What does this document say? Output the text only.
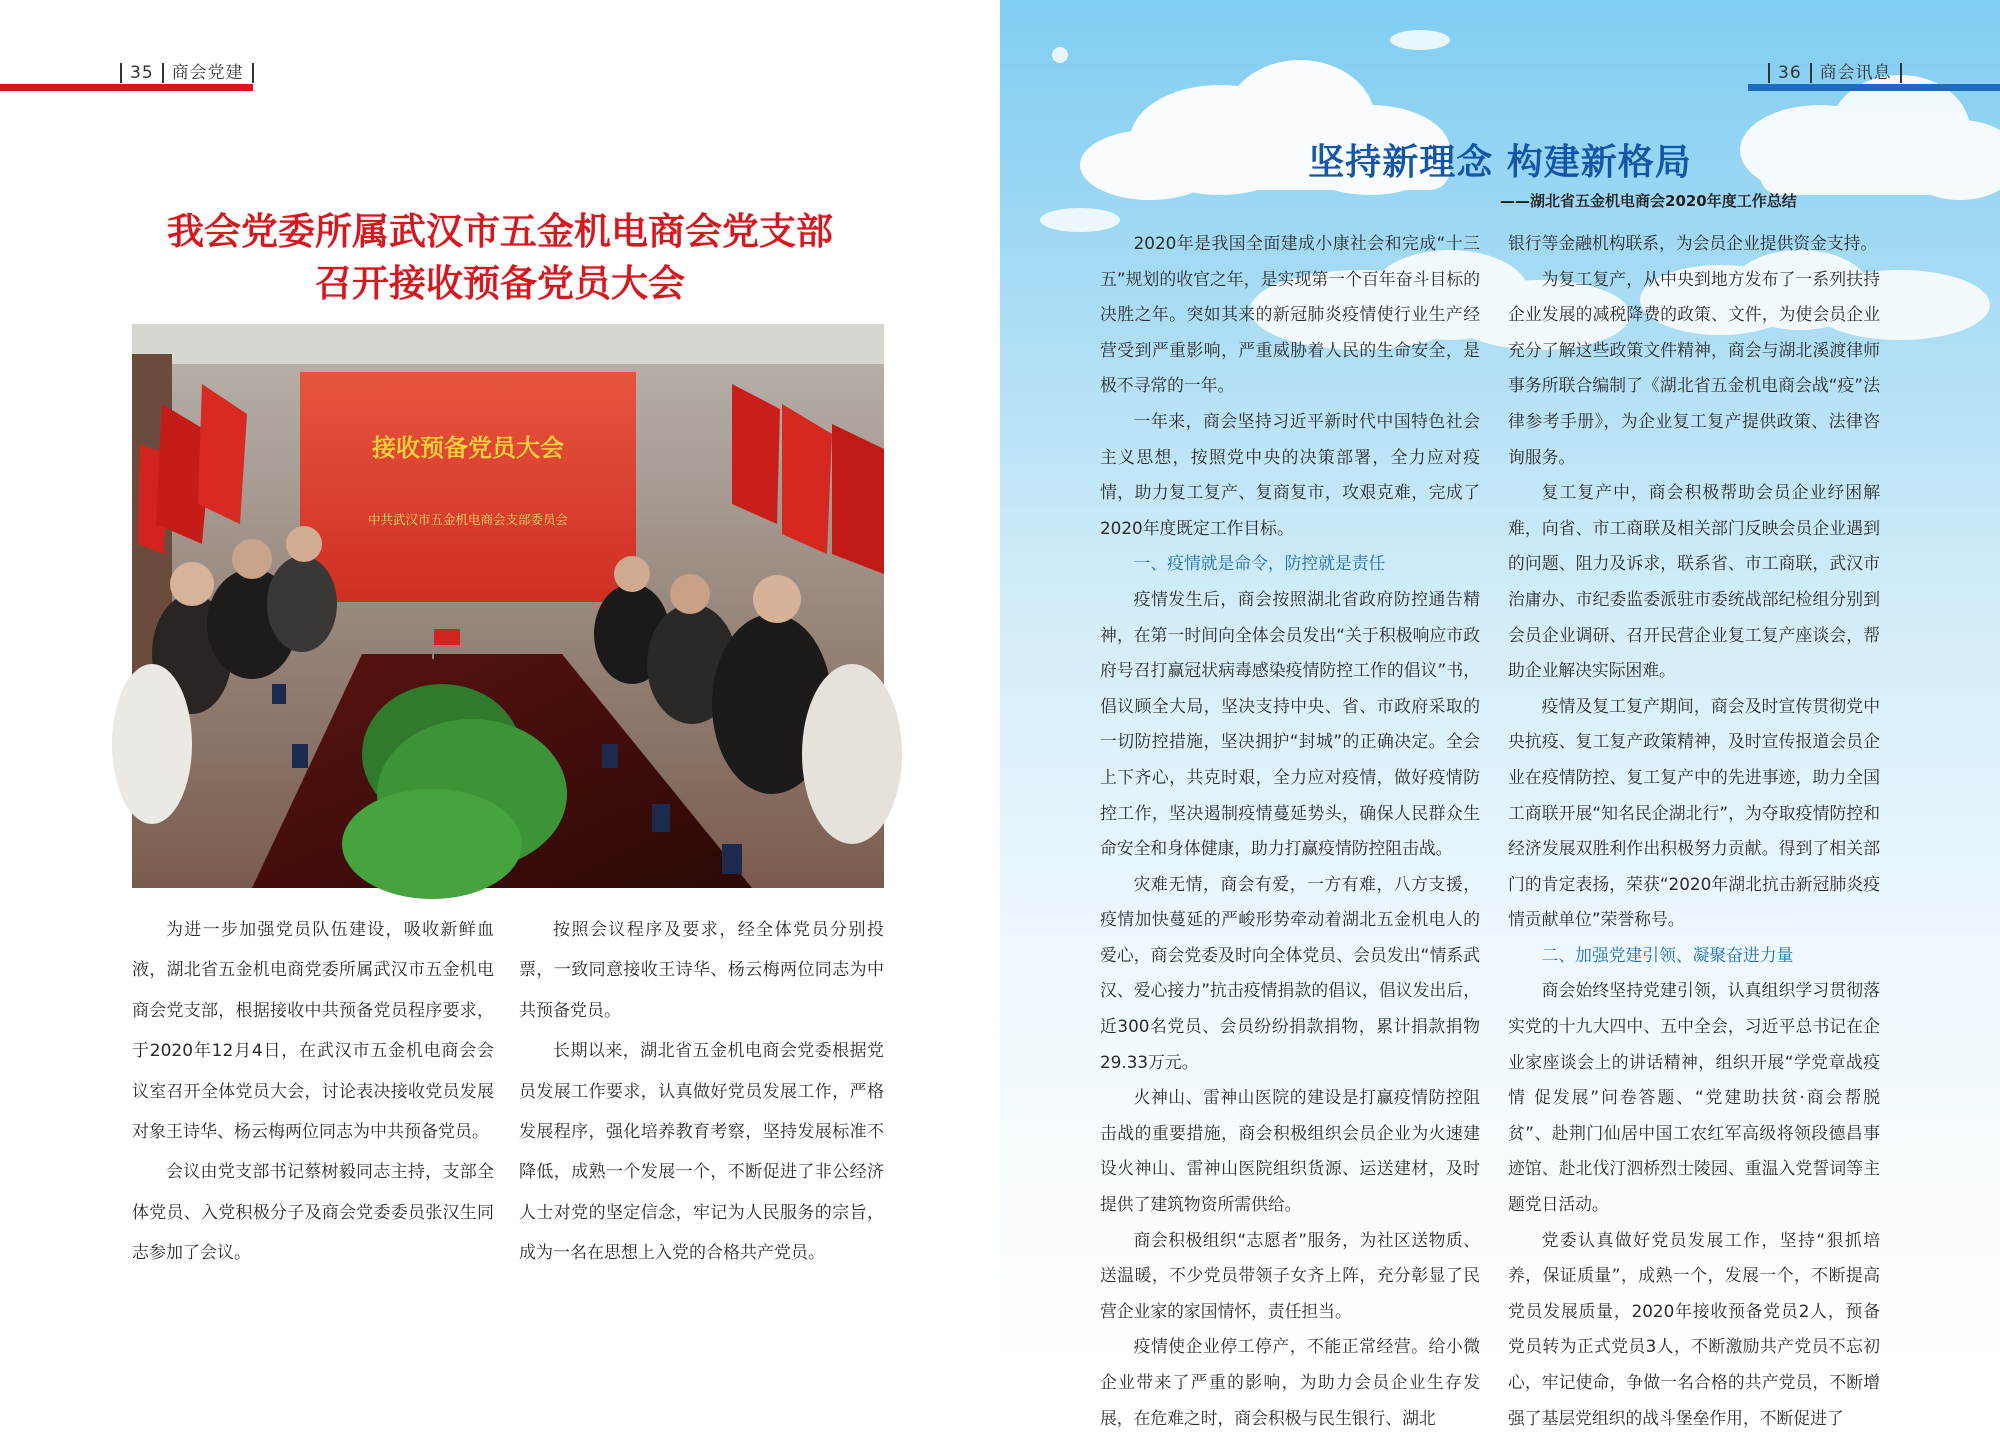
35 商会党建
我会党委所属武汉市五金机电商会党支部
召开接收预备党员大会
接收预备党员大会
中共武汉市五金机电商会支部委员会

为进一步加强党员队伍建设，吸收新鲜血液，湖北省五金机电商党委所属武汉市五金机电商会党支部，根据接收中共预备党员程序要求，于2020年12月4日，在武汉市五金机电商会会议室召开全体党员大会，讨论表决接收党员发展对象王诗华、杨云梅两位同志为中共预备党员。

会议由党支部书记蔡树毅同志主持，支部全体党员、入党积极分子及商会党委委员张汉生同志参加了会议。

按照会议程序及要求，经全体党员分别投票，一致同意接收王诗华、杨云梅两位同志为中共预备党员。

长期以来，湖北省五金机电商会党委根据党员发展工作要求，认真做好党员发展工作，严格发展程序，强化培养教育考察，坚持发展标准不降低，成熟一个发展一个，不断促进了非公经济人士对党的坚定信念，牢记为人民服务的宗旨，成为一名在思想上入党的合格共产党员。

36 商会讯息
坚持新理念 构建新格局
——湖北省五金机电商会2020年度工作总结

2020年是我国全面建成小康社会和完成“十三五”规划的收官之年，是实现第一个百年奋斗目标的决胜之年。突如其来的新冠肺炎疫情使行业生产经营受到严重影响，严重威胁着人民的生命安全，是极不寻常的一年。

一年来，商会坚持习近平新时代中国特色社会主义思想，按照党中央的决策部署，全力应对疫情，助力复工复产、复商复市，攻艰克难，完成了2020年度既定工作目标。

一、疫情就是命令，防控就是责任

疫情发生后，商会按照湖北省政府防控通告精神，在第一时间向全体会员发出“关于积极响应市政府号召打赢冠状病毒感染疫情防控工作的倡议”书，倡议顾全大局，坚决支持中央、省、市政府采取的一切防控措施，坚决拥护“封城”的正确决定。全会上下齐心，共克时艰，全力应对疫情，做好疫情防控工作，坚决遏制疫情蔓延势头，确保人民群众生命安全和身体健康，助力打赢疫情防控阻击战。

灾难无情，商会有爱，一方有难，八方支援，疫情加快蔓延的严峻形势牵动着湖北五金机电人的爱心，商会党委及时向全体党员、会员发出“情系武汉、爱心接力”抗击疫情捐款的倡议，倡议发出后，近300名党员、会员纷纷捐款捐物，累计捐款捐物29.33万元。

火神山、雷神山医院的建设是打赢疫情防控阻击战的重要措施，商会积极组织会员企业为火速建设火神山、雷神山医院组织货源、运送建材，及时提供了建筑物资所需供给。

商会积极组织“志愿者”服务，为社区送物质、送温暖，不少党员带领子女齐上阵，充分彰显了民营企业家的家国情怀，责任担当。

疫情使企业停工停产，不能正常经营。给小微企业带来了严重的影响，为助力会员企业生存发展，在危难之时，商会积极与民生银行、湖北

银行等金融机构联系，为会员企业提供资金支持。

为复工复产，从中央到地方发布了一系列扶持企业发展的减税降费的政策、文件，为使会员企业充分了解这些政策文件精神，商会与湖北溪渡律师事务所联合编制了《湖北省五金机电商会战“疫”法律参考手册》，为企业复工复产提供政策、法律咨询服务。

复工复产中，商会积极帮助会员企业纾困解难，向省、市工商联及相关部门反映会员企业遇到的问题、阻力及诉求，联系省、市工商联，武汉市治庸办、市纪委监委派驻市委统战部纪检组分别到会员企业调研、召开民营企业复工复产座谈会，帮助企业解决实际困难。

疫情及复工复产期间，商会及时宣传贯彻党中央抗疫、复工复产政策精神，及时宣传报道会员企业在疫情防控、复工复产中的先进事迹，助力全国工商联开展“知名民企湖北行”，为夺取疫情防控和经济发展双胜利作出积极努力贡献。得到了相关部门的肯定表扬，荣获“2020年湖北抗击新冠肺炎疫情贡献单位”荣誉称号。

二、加强党建引领、凝聚奋进力量

商会始终坚持党建引领，认真组织学习贯彻落实党的十九大四中、五中全会，习近平总书记在企业家座谈会上的讲话精神，组织开展“学党章战疫情 促发展”问卷答题、“党建助扶贫·商会帮脱贫”、赴荆门仙居中国工农红军高级将领段德昌事迹馆、赴北伐汀泗桥烈士陵园、重温入党誓词等主题党日活动。

党委认真做好党员发展工作，坚持“狠抓培养，保证质量”，成熟一个，发展一个，不断提高党员发展质量，2020年接收预备党员2人，预备党员转为正式党员3人，不断激励共产党员不忘初心，牢记使命，争做一名合格的共产党员，不断增强了基层党组织的战斗堡垒作用，不断促进了
